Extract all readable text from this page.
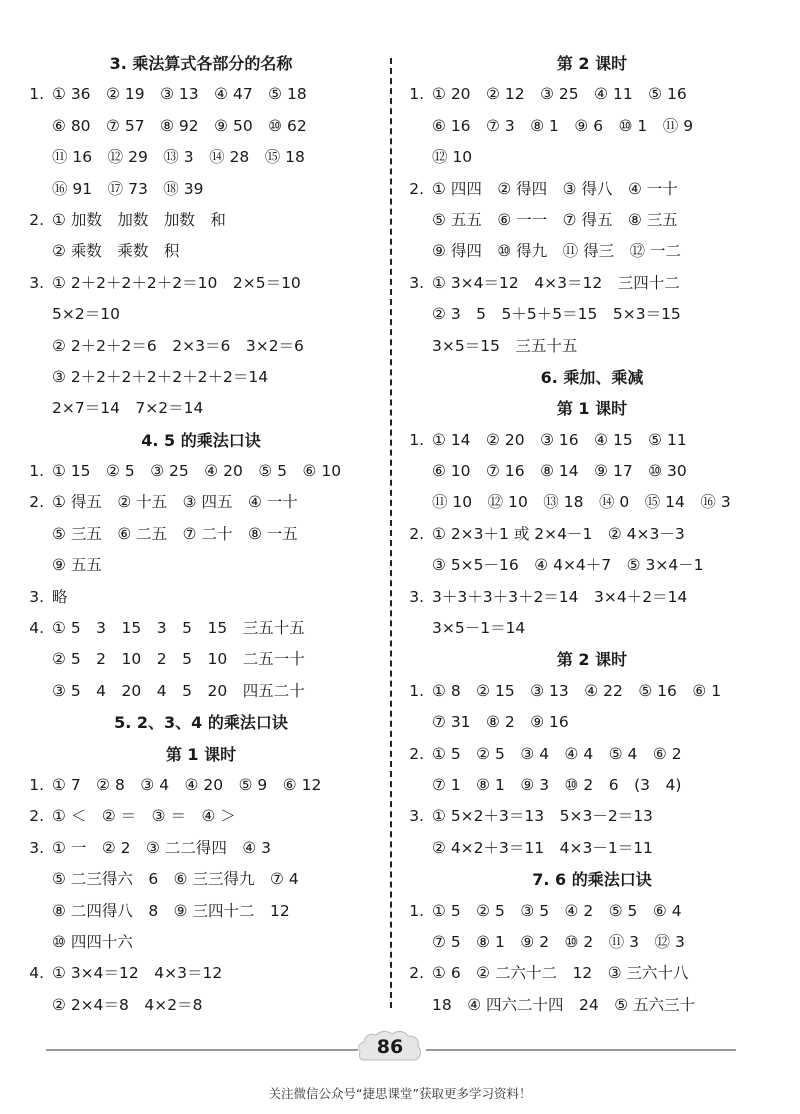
3. 乘法算式各部分的名称
1. ① 36　② 19　③ 13　④ 47　⑤ 18
⑥ 80　⑦ 57　⑧ 92　⑨ 50　⑩ 62
⑪ 16　⑫ 29　⑬ 3　⑭ 28　⑮ 18
⑯ 91　⑰ 73　⑱ 39
2. ① 加数　加数　加数　和
② 乘数　乘数　积
3. ① 2＋2＋2＋2＋2＝10　2×5＝10
5×2＝10
② 2＋2＋2＝6　2×3＝6　3×2＝6
③ 2＋2＋2＋2＋2＋2＋2＝14
2×7＝14　7×2＝14
4. 5 的乘法口诀
1. ① 15　② 5　③ 25　④ 20　⑤ 5　⑥ 10
2. ① 得五　② 十五　③ 四五　④ 一十
⑤ 三五　⑥ 二五　⑦ 二十　⑧ 一五
⑨ 五五
3. 略
4. ① 5　3　15　3　5　15　三五十五
② 5　2　10　2　5　10　二五一十
③ 5　4　20　4　5　20　四五二十
5. 2、3、4 的乘法口诀
第 1 课时
1. ① 7　② 8　③ 4　④ 20　⑤ 9　⑥ 12
2. ① ＜　② ＝　③ ＝　④ ＞
3. ① 一　② 2　③ 二二得四　④ 3
⑤ 二三得六　6　⑥ 三三得九　⑦ 4
⑧ 二四得八　8　⑨ 三四十二　12
⑩ 四四十六
4. ① 3×4＝12　4×3＝12
② 2×4＝8　4×2＝8
第 2 课时
1. ① 20　② 12　③ 25　④ 11　⑤ 16
⑥ 16　⑦ 3　⑧ 1　⑨ 6　⑩ 1　⑪ 9
⑫ 10
2. ① 四四　② 得四　③ 得八　④ 一十
⑤ 五五　⑥ 一一　⑦ 得五　⑧ 三五
⑨ 得四　⑩ 得九　⑪ 得三　⑫ 一二
3. ① 3×4＝12　4×3＝12　三四十二
② 3　5　5＋5＋5＝15　5×3＝15
3×5＝15　三五十五
6. 乘加、乘减
第 1 课时
1. ① 14　② 20　③ 16　④ 15　⑤ 11
⑥ 10　⑦ 16　⑧ 14　⑨ 17　⑩ 30
⑪ 10　⑫ 10　⑬ 18　⑭ 0　⑮ 14　⑯ 3
2. ① 2×3＋1 或 2×4－1　② 4×3－3
③ 5×5－16　④ 4×4＋7　⑤ 3×4－1
3. 3＋3＋3＋3＋2＝14　3×4＋2＝14
3×5－1＝14
第 2 课时
1. ① 8　② 15　③ 13　④ 22　⑤ 16　⑥ 1
⑦ 31　⑧ 2　⑨ 16
2. ① 5　② 5　③ 4　④ 4　⑤ 4　⑥ 2
⑦ 1　⑧ 1　⑨ 3　⑩ 2　6　(3　4)
3. ① 5×2＋3＝13　5×3－2＝13
② 4×2＋3＝11　4×3－1＝11
7. 6 的乘法口诀
1. ① 5　② 5　③ 5　④ 2　⑤ 5　⑥ 4
⑦ 5　⑧ 1　⑨ 2　⑩ 2　⑪ 3　⑫ 3
2. ① 6　② 二六十二　12　③ 三六十八
18　④ 四六二十四　24　⑤ 五六三十
86
关注微信公众号“捷思课堂”获取更多学习资料！
